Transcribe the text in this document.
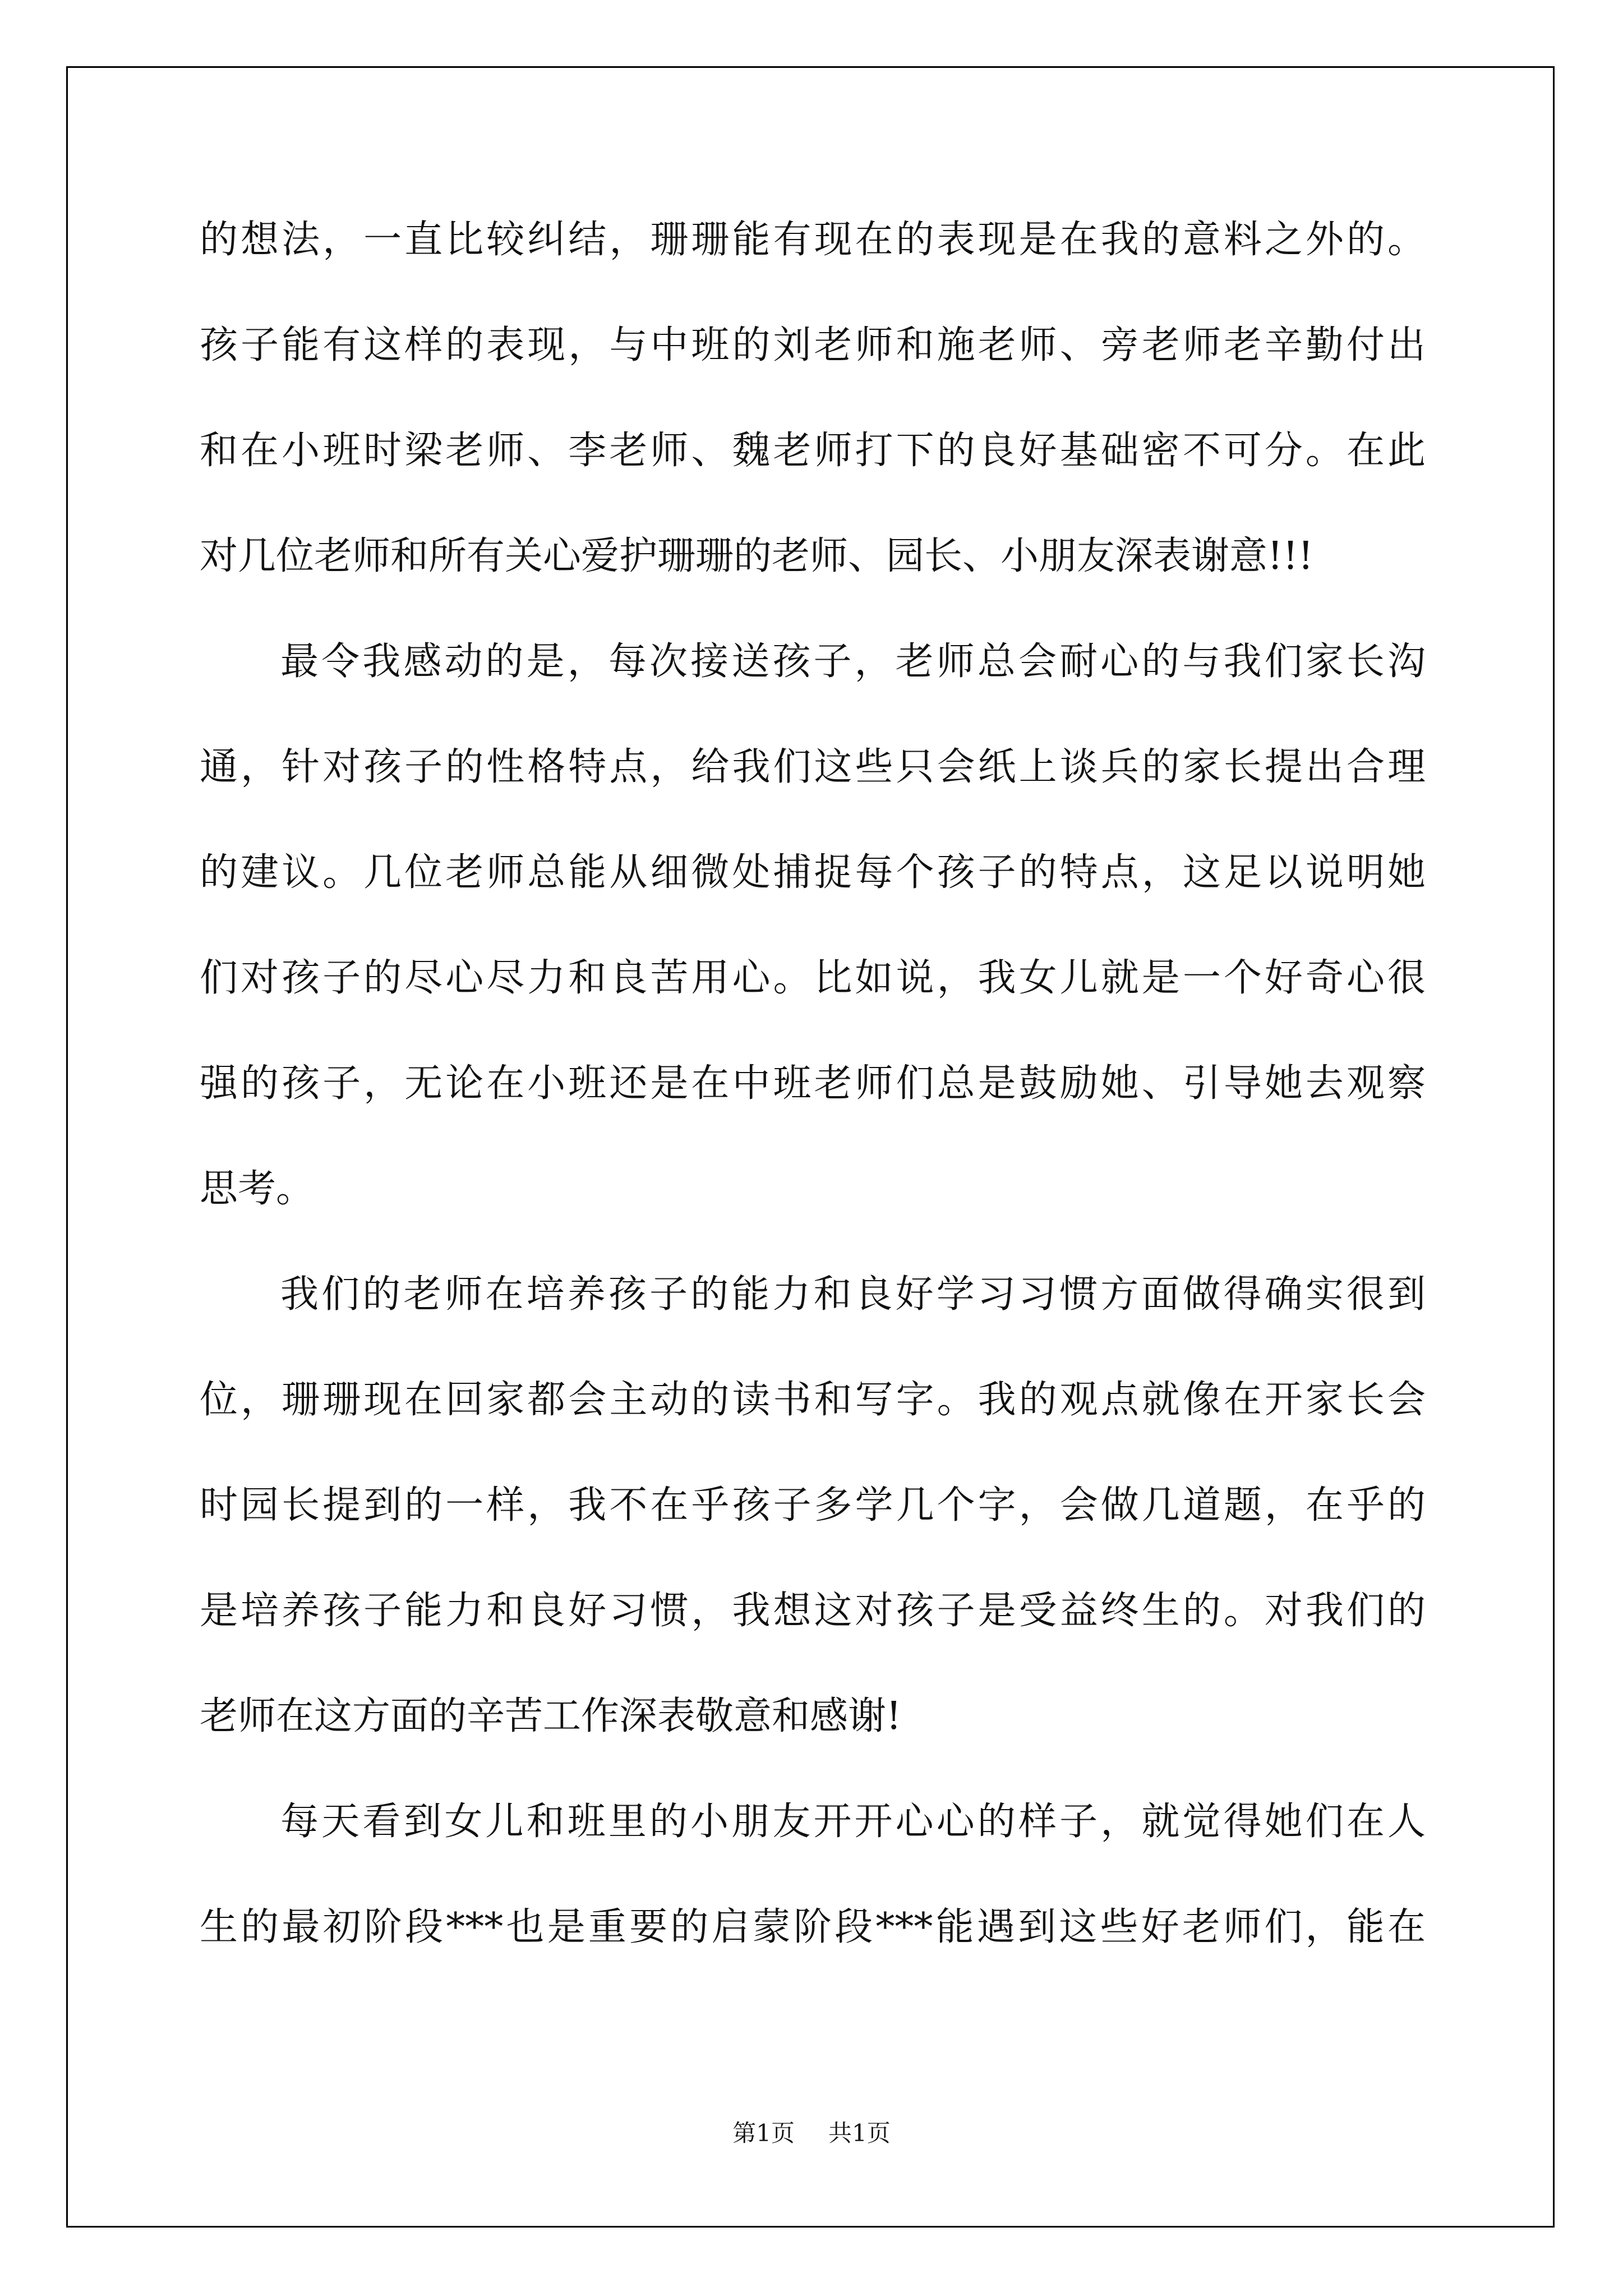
的想法，一直比较纠结，珊珊能有现在的表现是在我的意料之外的。
孩子能有这样的表现，与中班的刘老师和施老师、旁老师老辛勤付出
和在小班时梁老师、李老师、魏老师打下的良好基础密不可分。在此
对几位老师和所有关心爱护珊珊的老师、园长、小朋友深表谢意!!!
最令我感动的是，每次接送孩子，老师总会耐心的与我们家长沟
通，针对孩子的性格特点，给我们这些只会纸上谈兵的家长提出合理
的建议。几位老师总能从细微处捕捉每个孩子的特点，这足以说明她
们对孩子的尽心尽力和良苦用心。比如说，我女儿就是一个好奇心很
强的孩子，无论在小班还是在中班老师们总是鼓励她、引导她去观察
思考。
我们的老师在培养孩子的能力和良好学习习惯方面做得确实很到
位，珊珊现在回家都会主动的读书和写字。我的观点就像在开家长会
时园长提到的一样，我不在乎孩子多学几个字，会做几道题，在乎的
是培养孩子能力和良好习惯，我想这对孩子是受益终生的。对我们的
老师在这方面的辛苦工作深表敬意和感谢!
每天看到女儿和班里的小朋友开开心心的样子，就觉得她们在人
生的最初阶段***也是重要的启蒙阶段***能遇到这些好老师们，能在
第1页 共1页
